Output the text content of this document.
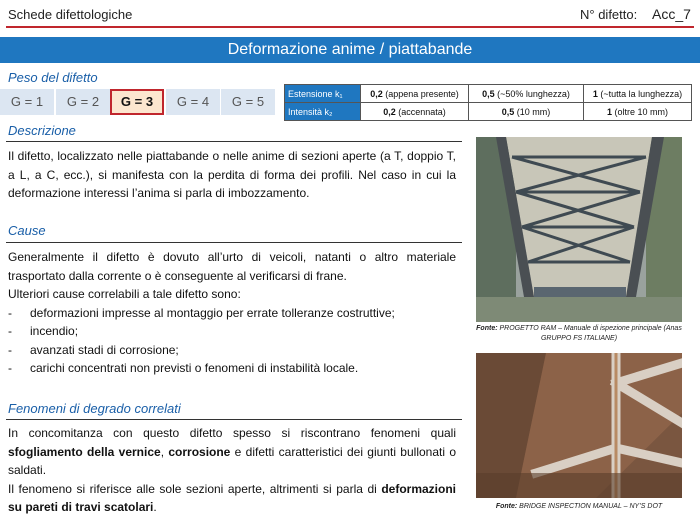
Schede difettologiche	N° difetto: Acc_7
Deformazione anime / piattabande
Peso del difetto
G = 1	G = 2	G = 3	G = 4	G = 5
Estensione k₁	0,2 (appena presente)	0,5 (~50% lunghezza)	1 (~tutta la lunghezza)
Intensità k₂	0,2 (accennata)	0,5 (10 mm)	1 (oltre 10 mm)
Descrizione

Il difetto, localizzato nelle piattabande o nelle anime di sezioni aperte (a T, doppio T, a L, a C, ecc.), si manifesta con la perdita di forma dei profili. Nel caso in cui la deformazione interessi l’anima si parla di imbozzamento.

Cause

Generalmente il difetto è dovuto all’urto di veicoli, natanti o altro materiale trasportato dalla corrente o è conseguente al verificarsi di frane.

Ulteriori cause correlabili a tale difetto sono:

- deformazioni impresse al montaggio per errate tolleranze costruttive;
- incendio;
- avanzati stadi di corrosione;
- carichi concentrati non previsti o fenomeni di instabilità locale.
Fenomeni di degrado correlati

In concomitanza con questo difetto spesso si riscontrano fenomeni quali sfogliamento della vernice, corrosione e difetti caratteristici dei giunti bullonati o saldati.

Il fenomeno si riferisce alle sole sezioni aperte, altrimenti si parla di deformazioni su pareti di travi scatolari.

Fonte: PROGETTO RAM – Manuale di ispezione principale (Anas GRUPPO FS ITALIANE)
Fonte: BRIDGE INSPECTION MANUAL – NY’S DOT
